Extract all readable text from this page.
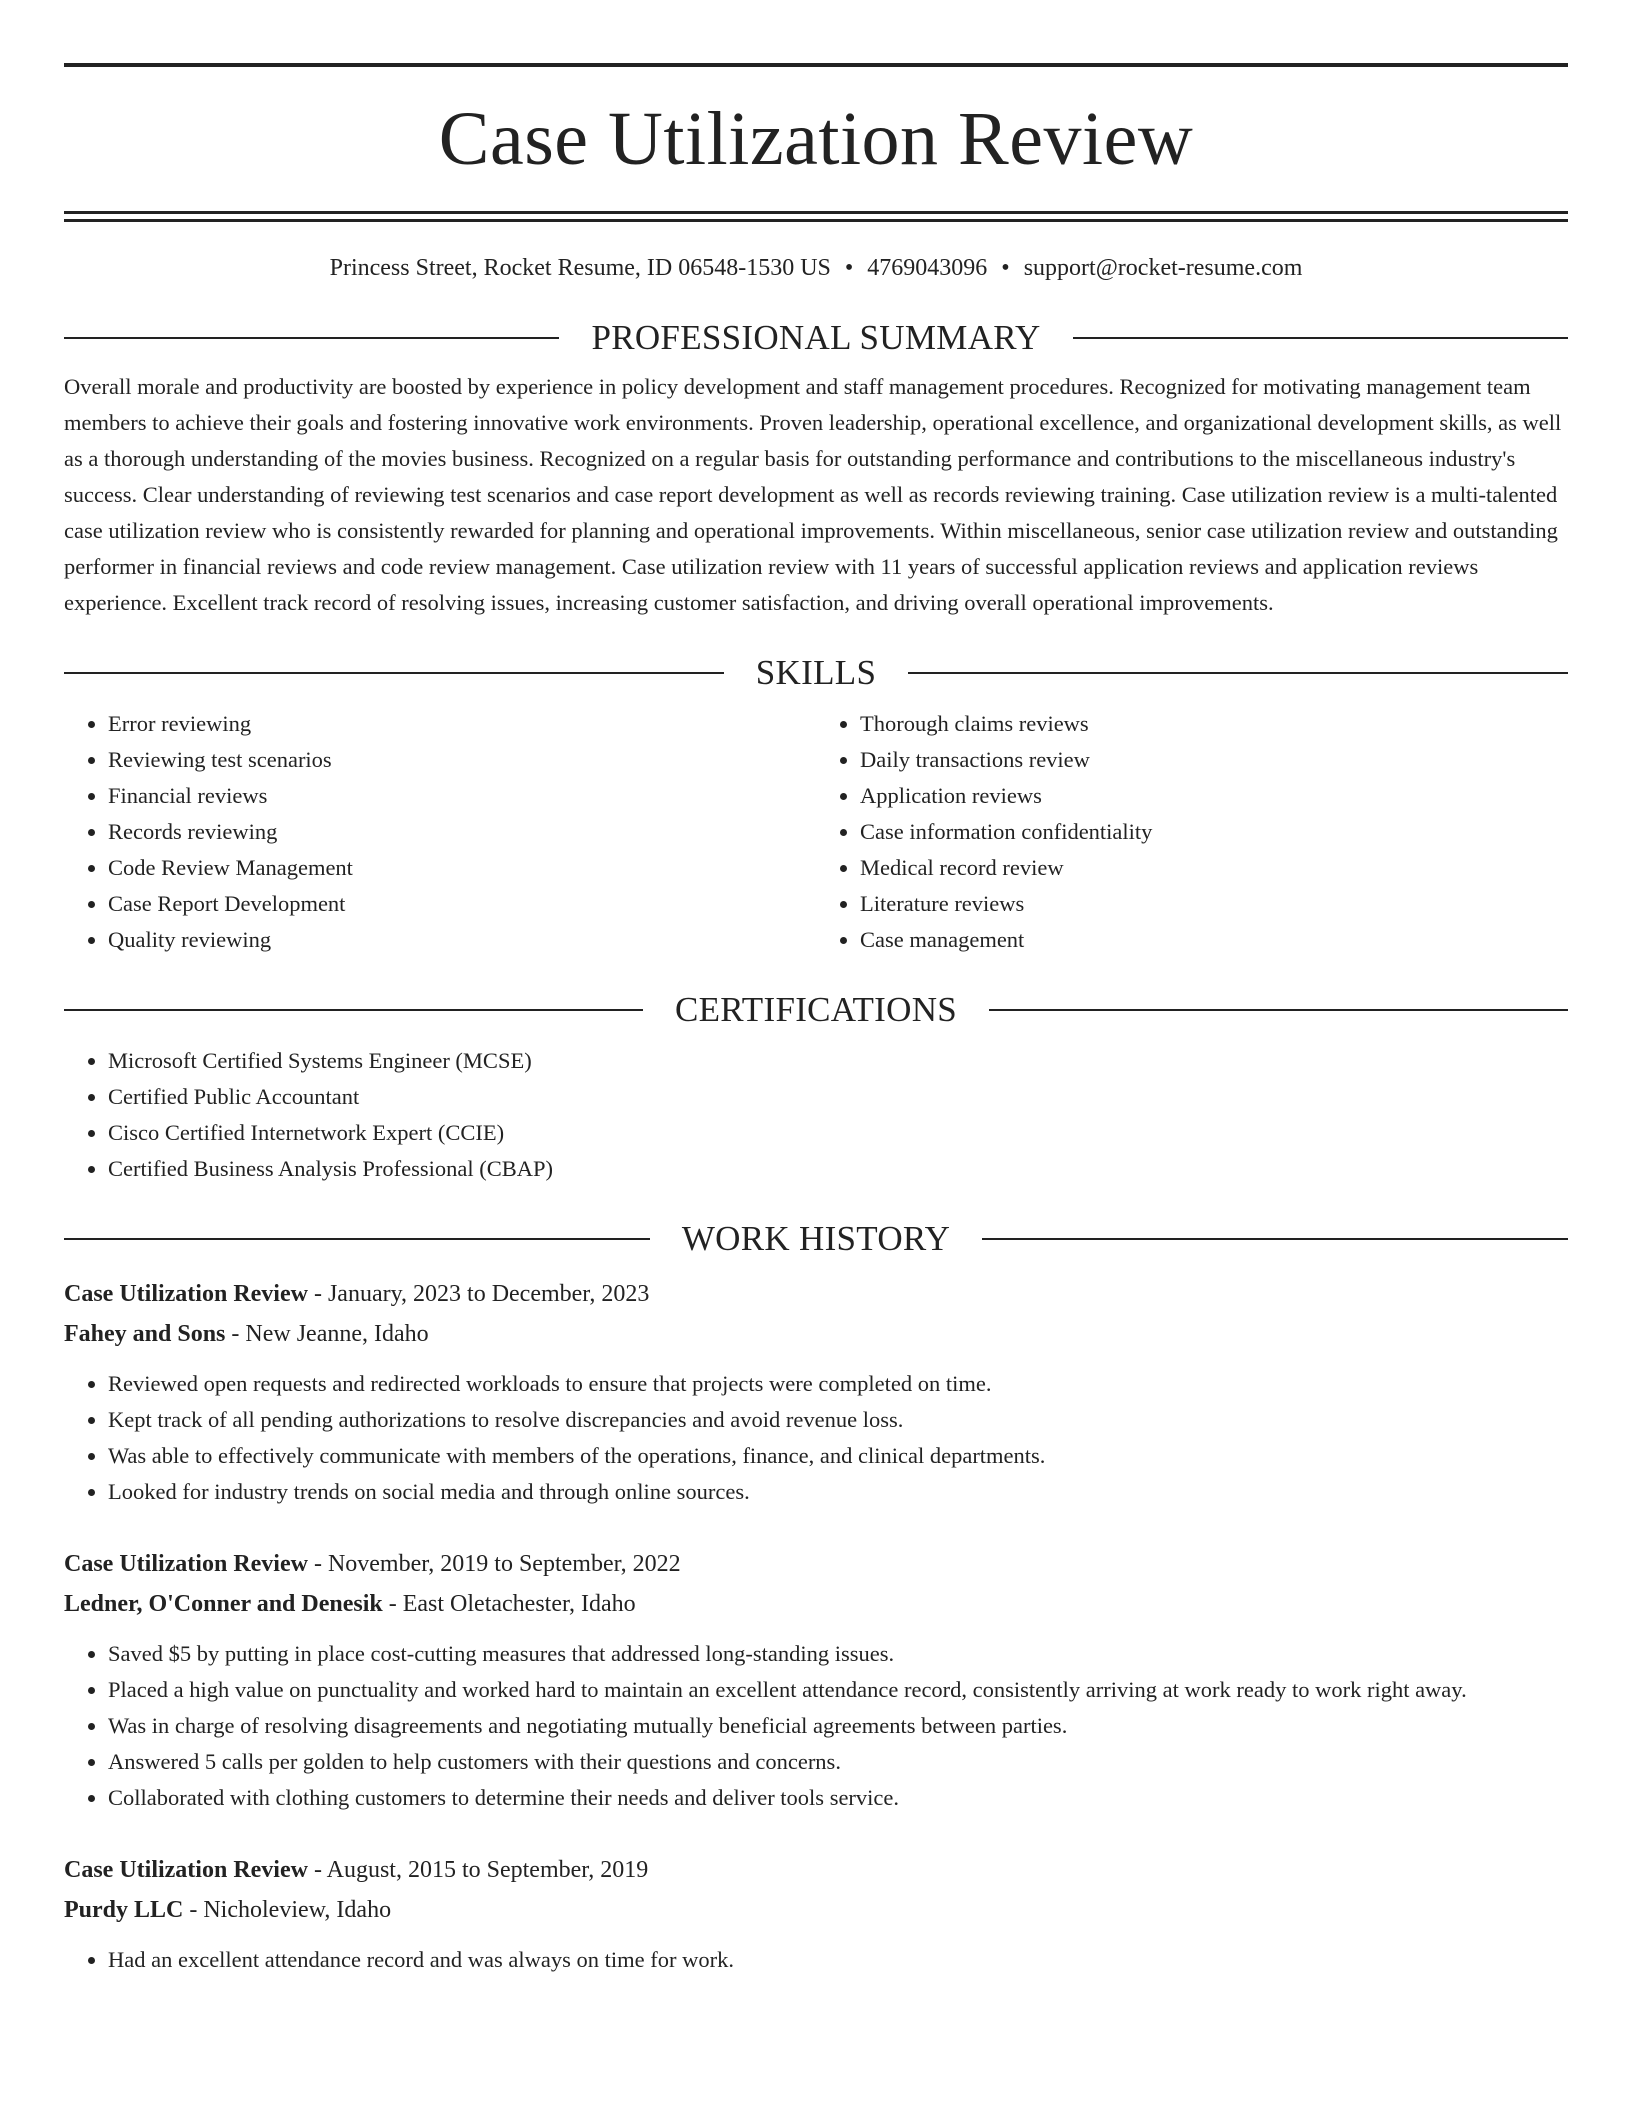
Case Utilization Review
Princess Street, Rocket Resume, ID 06548-1530 US • 4769043096 • support@rocket-resume.com
PROFESSIONAL SUMMARY

Overall morale and productivity are boosted by experience in policy development and staff management procedures. Recognized for motivating management team members to achieve their goals and fostering innovative work environments. Proven leadership, operational excellence, and organizational development skills, as well as a thorough understanding of the movies business. Recognized on a regular basis for outstanding performance and contributions to the miscellaneous industry's success. Clear understanding of reviewing test scenarios and case report development as well as records reviewing training. Case utilization review is a multi-talented case utilization review who is consistently rewarded for planning and operational improvements. Within miscellaneous, senior case utilization review and outstanding performer in financial reviews and code review management. Case utilization review with 11 years of successful application reviews and application reviews experience. Excellent track record of resolving issues, increasing customer satisfaction, and driving overall operational improvements.

SKILLS
• Error reviewing
• Reviewing test scenarios
• Financial reviews
• Records reviewing
• Code Review Management
• Case Report Development
• Quality reviewing
• Thorough claims reviews
• Daily transactions review
• Application reviews
• Case information confidentiality
• Medical record review
• Literature reviews
• Case management
CERTIFICATIONS
• Microsoft Certified Systems Engineer (MCSE)
• Certified Public Accountant
• Cisco Certified Internetwork Expert (CCIE)
• Certified Business Analysis Professional (CBAP)
WORK HISTORY
Case Utilization Review - January, 2023 to December, 2023
Fahey and Sons - New Jeanne, Idaho
• Reviewed open requests and redirected workloads to ensure that projects were completed on time.
• Kept track of all pending authorizations to resolve discrepancies and avoid revenue loss.
• Was able to effectively communicate with members of the operations, finance, and clinical departments.
• Looked for industry trends on social media and through online sources.
Case Utilization Review - November, 2019 to September, 2022
Ledner, O'Conner and Denesik - East Oletachester, Idaho
• Saved $5 by putting in place cost-cutting measures that addressed long-standing issues.
• Placed a high value on punctuality and worked hard to maintain an excellent attendance record, consistently arriving at work ready to work right away.
• Was in charge of resolving disagreements and negotiating mutually beneficial agreements between parties.
• Answered 5 calls per golden to help customers with their questions and concerns.
• Collaborated with clothing customers to determine their needs and deliver tools service.
Case Utilization Review - August, 2015 to September, 2019
Purdy LLC - Nicholeview, Idaho
• Had an excellent attendance record and was always on time for work.
